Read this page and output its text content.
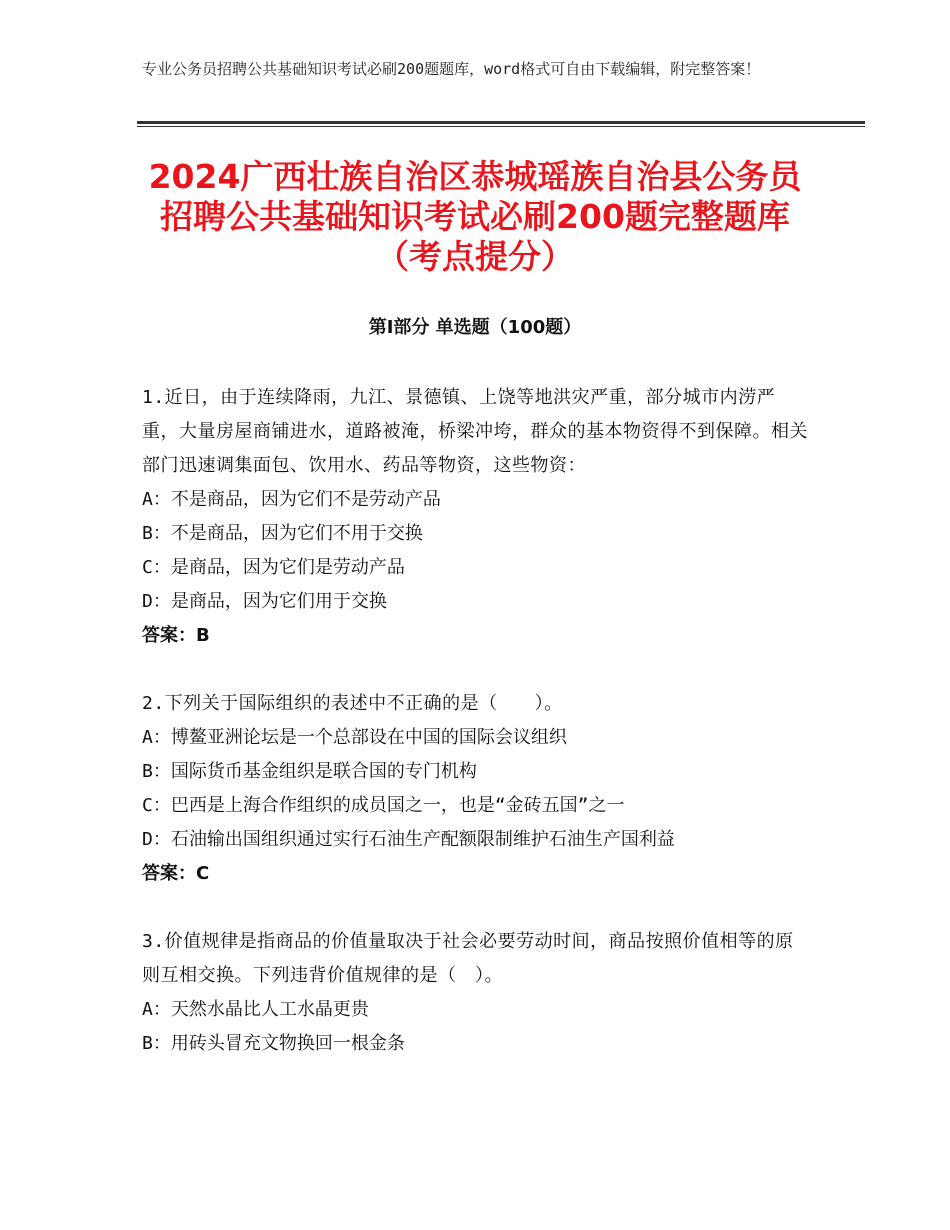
专业公务员招聘公共基础知识考试必刷200题题库，word格式可自由下载编辑，附完整答案！
2024广西壮族自治区恭城瑶族自治县公务员
招聘公共基础知识考试必刷200题完整题库
（考点提分）
第Ⅰ部分 单选题（100题）
1.近日，由于连续降雨，九江、景德镇、上饶等地洪灾严重，部分城市内涝严重，大量房屋商铺进水，道路被淹，桥梁冲垮，群众的基本物资得不到保障。相关部门迅速调集面包、饮用水、药品等物资，这些物资：
A：不是商品，因为它们不是劳动产品
B：不是商品，因为它们不用于交换
C：是商品，因为它们是劳动产品
D：是商品，因为它们用于交换
答案：B
2.下列关于国际组织的表述中不正确的是（　　）。
A：博鳌亚洲论坛是一个总部设在中国的国际会议组织
B：国际货币基金组织是联合国的专门机构
C：巴西是上海合作组织的成员国之一，也是“金砖五国”之一
D：石油输出国组织通过实行石油生产配额限制维护石油生产国利益
答案：C
3.价值规律是指商品的价值量取决于社会必要劳动时间，商品按照价值相等的原则互相交换。下列违背价值规律的是（　）。
A：天然水晶比人工水晶更贵
B：用砖头冒充文物换回一根金条
